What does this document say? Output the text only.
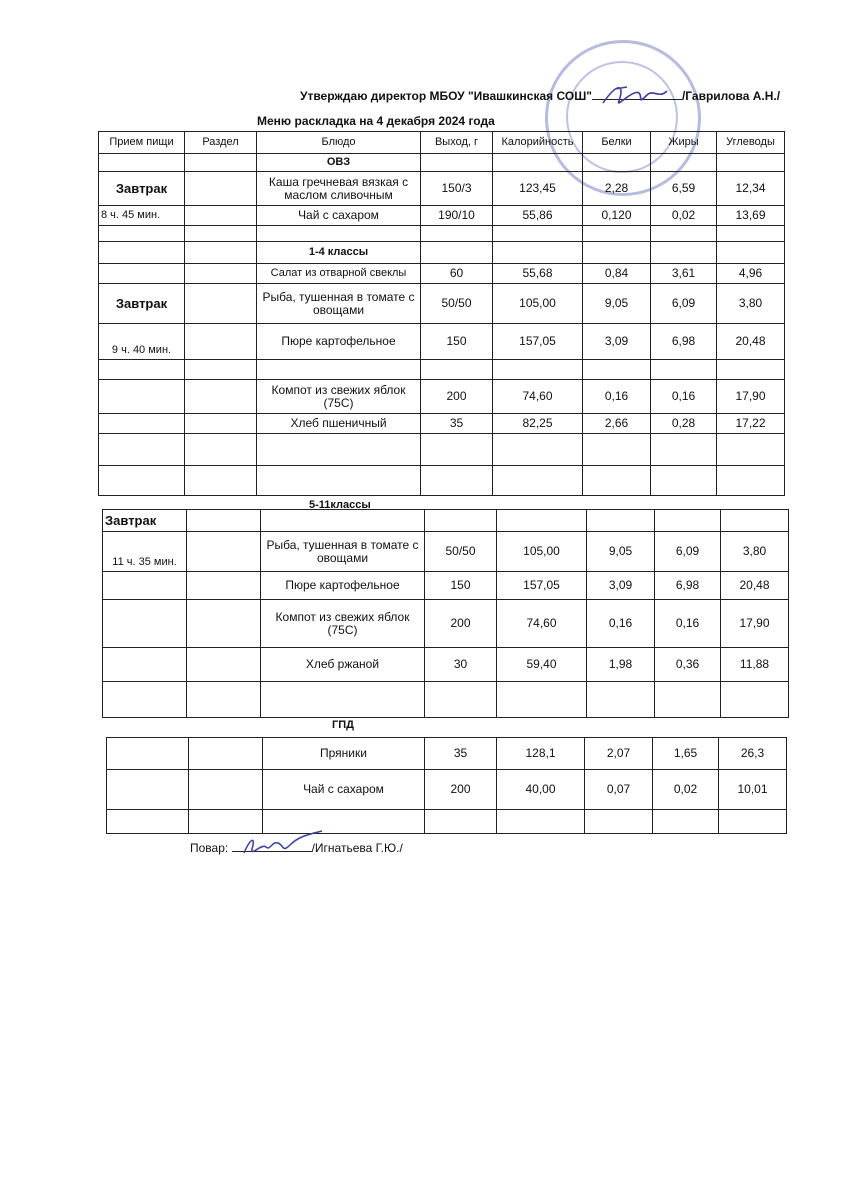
Утверждаю директор МБОУ "Ивашкинская СОШ"	/Гаврилова А.Н./
Меню раскладка на 4 декабря 2024 года
Прием пищи	Раздел	Блюдо	Выход, г	Калорийность	Белки	Жиры	Углеводы
		ОВЗ					
Завтрак		Каша гречневая вязкая с маслом сливочным	150/3	123,45	2,28	6,59	12,34
8 ч. 45 мин.		Чай с сахаром	190/10	55,86	0,120	0,02	13,69

		1-4 классы					
		Салат из отварной свеклы	60	55,68	0,84	3,61	4,96
Завтрак		Рыба, тушенная в томате с овощами	50/50	105,00	9,05	6,09	3,80
9 ч. 40 мин.		Пюре картофельное	150	157,05	3,09	6,98	20,48

		Компот из свежих яблок (75С)	200	74,60	0,16	0,16	17,90
		Хлеб пшеничный	35	82,25	2,66	0,28	17,22

5-11классы
Завтрак							
11 ч. 35 мин.		Рыба, тушенная в томате с овощами	50/50	105,00	9,05	6,09	3,80
		Пюре картофельное	150	157,05	3,09	6,98	20,48
		Компот из свежих яблок (75С)	200	74,60	0,16	0,16	17,90
		Хлеб ржаной	30	59,40	1,98	0,36	11,88

ГПД
		Пряники	35	128,1	2,07	1,65	26,3
		Чай с сахаром	200	40,00	0,07	0,02	10,01

Повар:	/Игнатьева Г.Ю./
